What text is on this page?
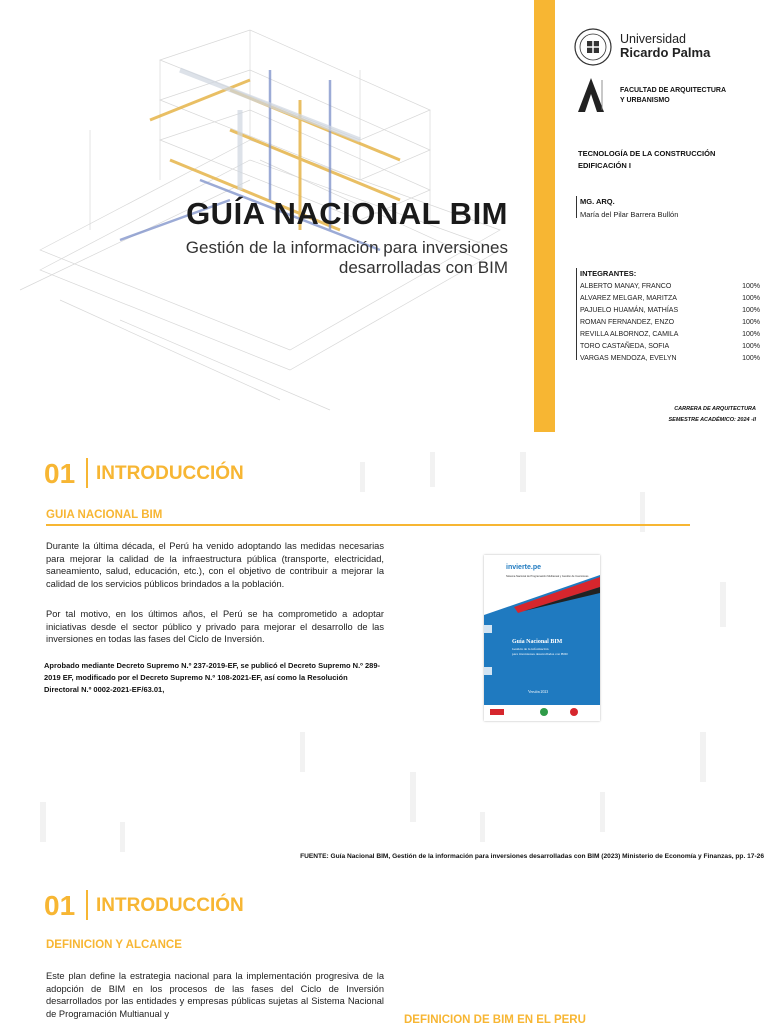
GUÍA NACIONAL BIM
Gestión de la información para inversiones
desarrolladas con BIM
Universidad
Ricardo Palma
FACULTAD DE ARQUITECTURA
Y URBANISMO
TECNOLOGÍA DE LA CONSTRUCCIÓN
EDIFICACIÓN I
MG. ARQ.
María del Pilar Barrera Bullón
INTEGRANTES:
ALBERTO MANAY, FRANCO	100%
ALVAREZ MELGAR, MARITZA	100%
PAJUELO HUAMÁN, MATHÍAS	100%
ROMAN FERNANDEZ, ENZO	100%
REVILLA ALBORNOZ, CAMILA	100%
TORO CASTAÑEDA, SOFIA	100%
VARGAS MENDOZA, EVELYN	100%
CARRERA DE ARQUITECTURA
SEMESTRE ACADÉMICO: 2024 -II
01 INTRODUCCIÓN
GUIA NACIONAL BIM

Durante la última década, el Perú ha venido adoptando las medidas necesarias para mejorar la calidad de la infraestructura pública (transporte, electricidad, saneamiento, salud, educación, etc.), con el objetivo de contribuir a mejorar la calidad de los servicios públicos brindados a la población.

Por tal motivo, en los últimos años, el Perú se ha comprometido a adoptar iniciativas desde el sector público y privado para mejorar el desarrollo de las inversiones en todas las fases del Ciclo de Inversión.

Aprobado mediante Decreto Supremo N.º 237-2019-EF, se publicó el Decreto Supremo N.º 289-2019 EF, modificado por el Decreto Supremo N.º 108-2021-EF, así como la Resolución Directoral N.º 0002-2021-EF/63.01,

invierte.pe
Sistema Nacional de Programación Multianual y Gestión de Inversiones
Guía Nacional BIM
Gestión de la información
para inversiones desarrolladas con BIM
Versión 2023
FUENTE: Guía Nacional BIM, Gestión de la información para inversiones desarrolladas con BIM (2023) Ministerio de Economía y Finanzas, pp. 17-26
01 INTRODUCCIÓN
DEFINICION Y ALCANCE

Este plan define la estrategia nacional para la implementación progresiva de la adopción de BIM en los procesos de las fases del Ciclo de Inversión desarrollados por las entidades y empresas públicas sujetas al Sistema Nacional de Programación Multianual y

DEFINICION DE BIM EN EL PERU
